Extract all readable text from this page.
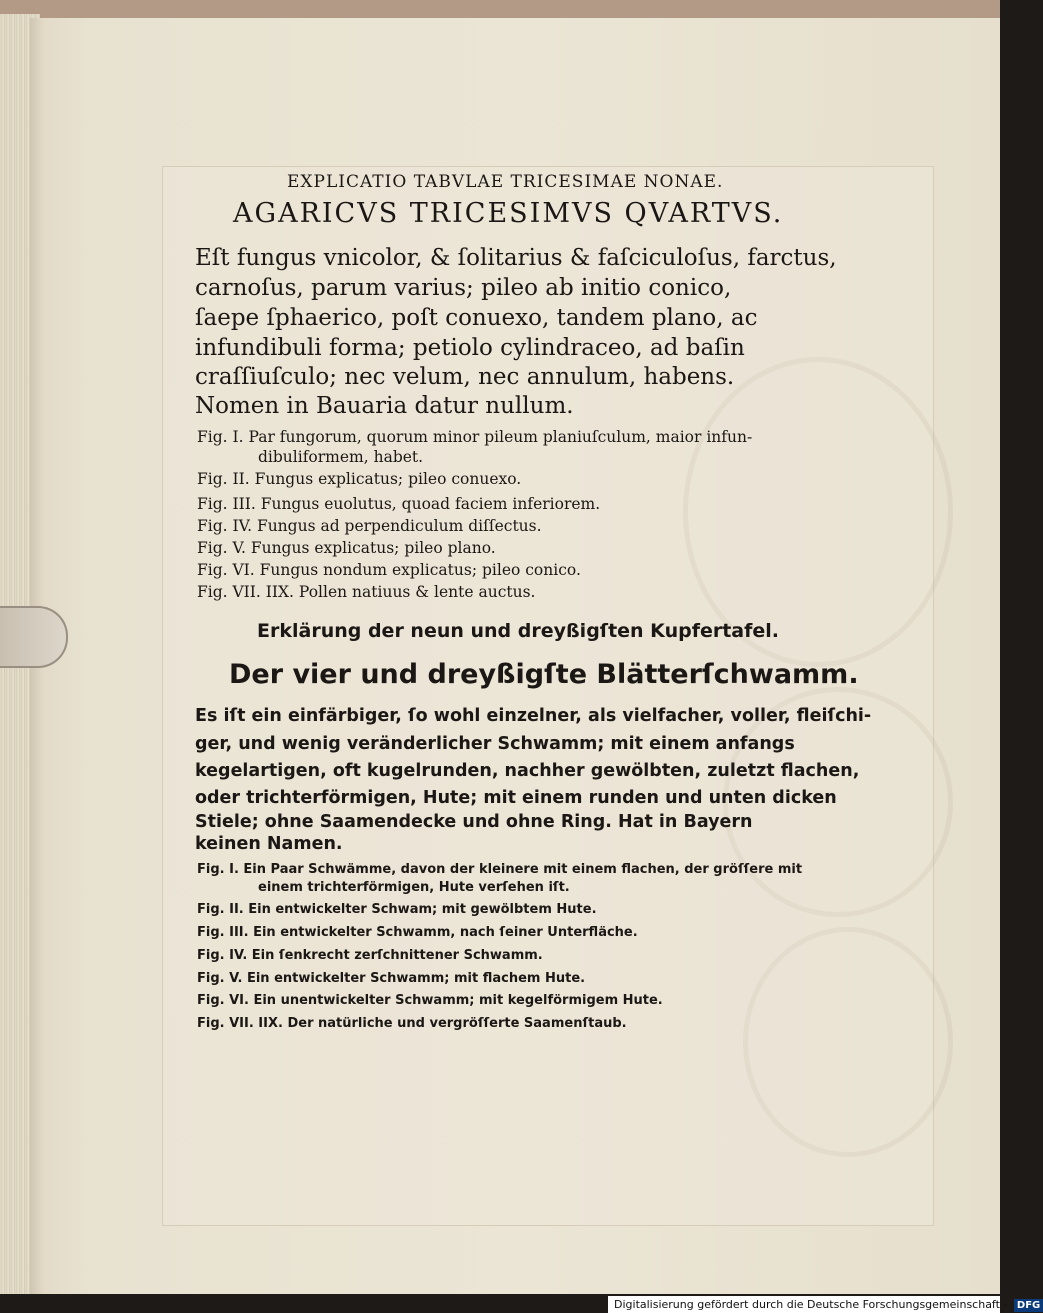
EXPLICATIO TABVLAE TRICESIMAE NONAE.
AGARICVS TRICESIMVS QVARTVS.
Eſt fungus vnicolor, & ſolitarius & faſciculoſus, farctus,
carnoſus, parum varius; pileo ab initio conico,
ſaepe ſphaerico, poſt conuexo, tandem plano, ac
infundibuli forma; petiolo cylindraceo, ad baſin
craſſiuſculo; nec velum, nec annulum, habens.
Nomen in Bauaria datur nullum.
Fig. I. Par fungorum, quorum minor pileum planiuſculum, maior infun-
dibuliformem, habet.
Fig. II. Fungus explicatus; pileo conuexo.
Fig. III. Fungus euolutus, quoad faciem inferiorem.
Fig. IV. Fungus ad perpendiculum diſſectus.
Fig. V. Fungus explicatus; pileo plano.
Fig. VI. Fungus nondum explicatus; pileo conico.
Fig. VII. IIX. Pollen natiuus & lente auctus.
Erklärung der neun und dreyßigſten Kupfertafel.
Der vier und dreyßigſte Blätterſchwamm.
Es iſt ein einfärbiger, ſo wohl einzelner, als vielfacher, voller, fleiſchi-
ger, und wenig veränderlicher Schwamm; mit einem anfangs
kegelartigen, oft kugelrunden, nachher gewölbten, zuletzt flachen,
oder trichterförmigen, Hute; mit einem runden und unten dicken
Stiele; ohne Saamendecke und ohne Ring. Hat in Bayern
keinen Namen.
Fig. I. Ein Paar Schwämme, davon der kleinere mit einem flachen, der gröſſere mit
einem trichterförmigen, Hute verſehen iſt.
Fig. II. Ein entwickelter Schwam; mit gewölbtem Hute.
Fig. III. Ein entwickelter Schwamm, nach ſeiner Unterfläche.
Fig. IV. Ein ſenkrecht zerſchnittener Schwamm.
Fig. V. Ein entwickelter Schwamm; mit flachem Hute.
Fig. VI. Ein unentwickelter Schwamm; mit kegelförmigem Hute.
Fig. VII. IIX. Der natürliche und vergröſſerte Saamenſtaub.
Digitalisierung gefördert durch die Deutsche Forschungsgemeinschaft - DFG
